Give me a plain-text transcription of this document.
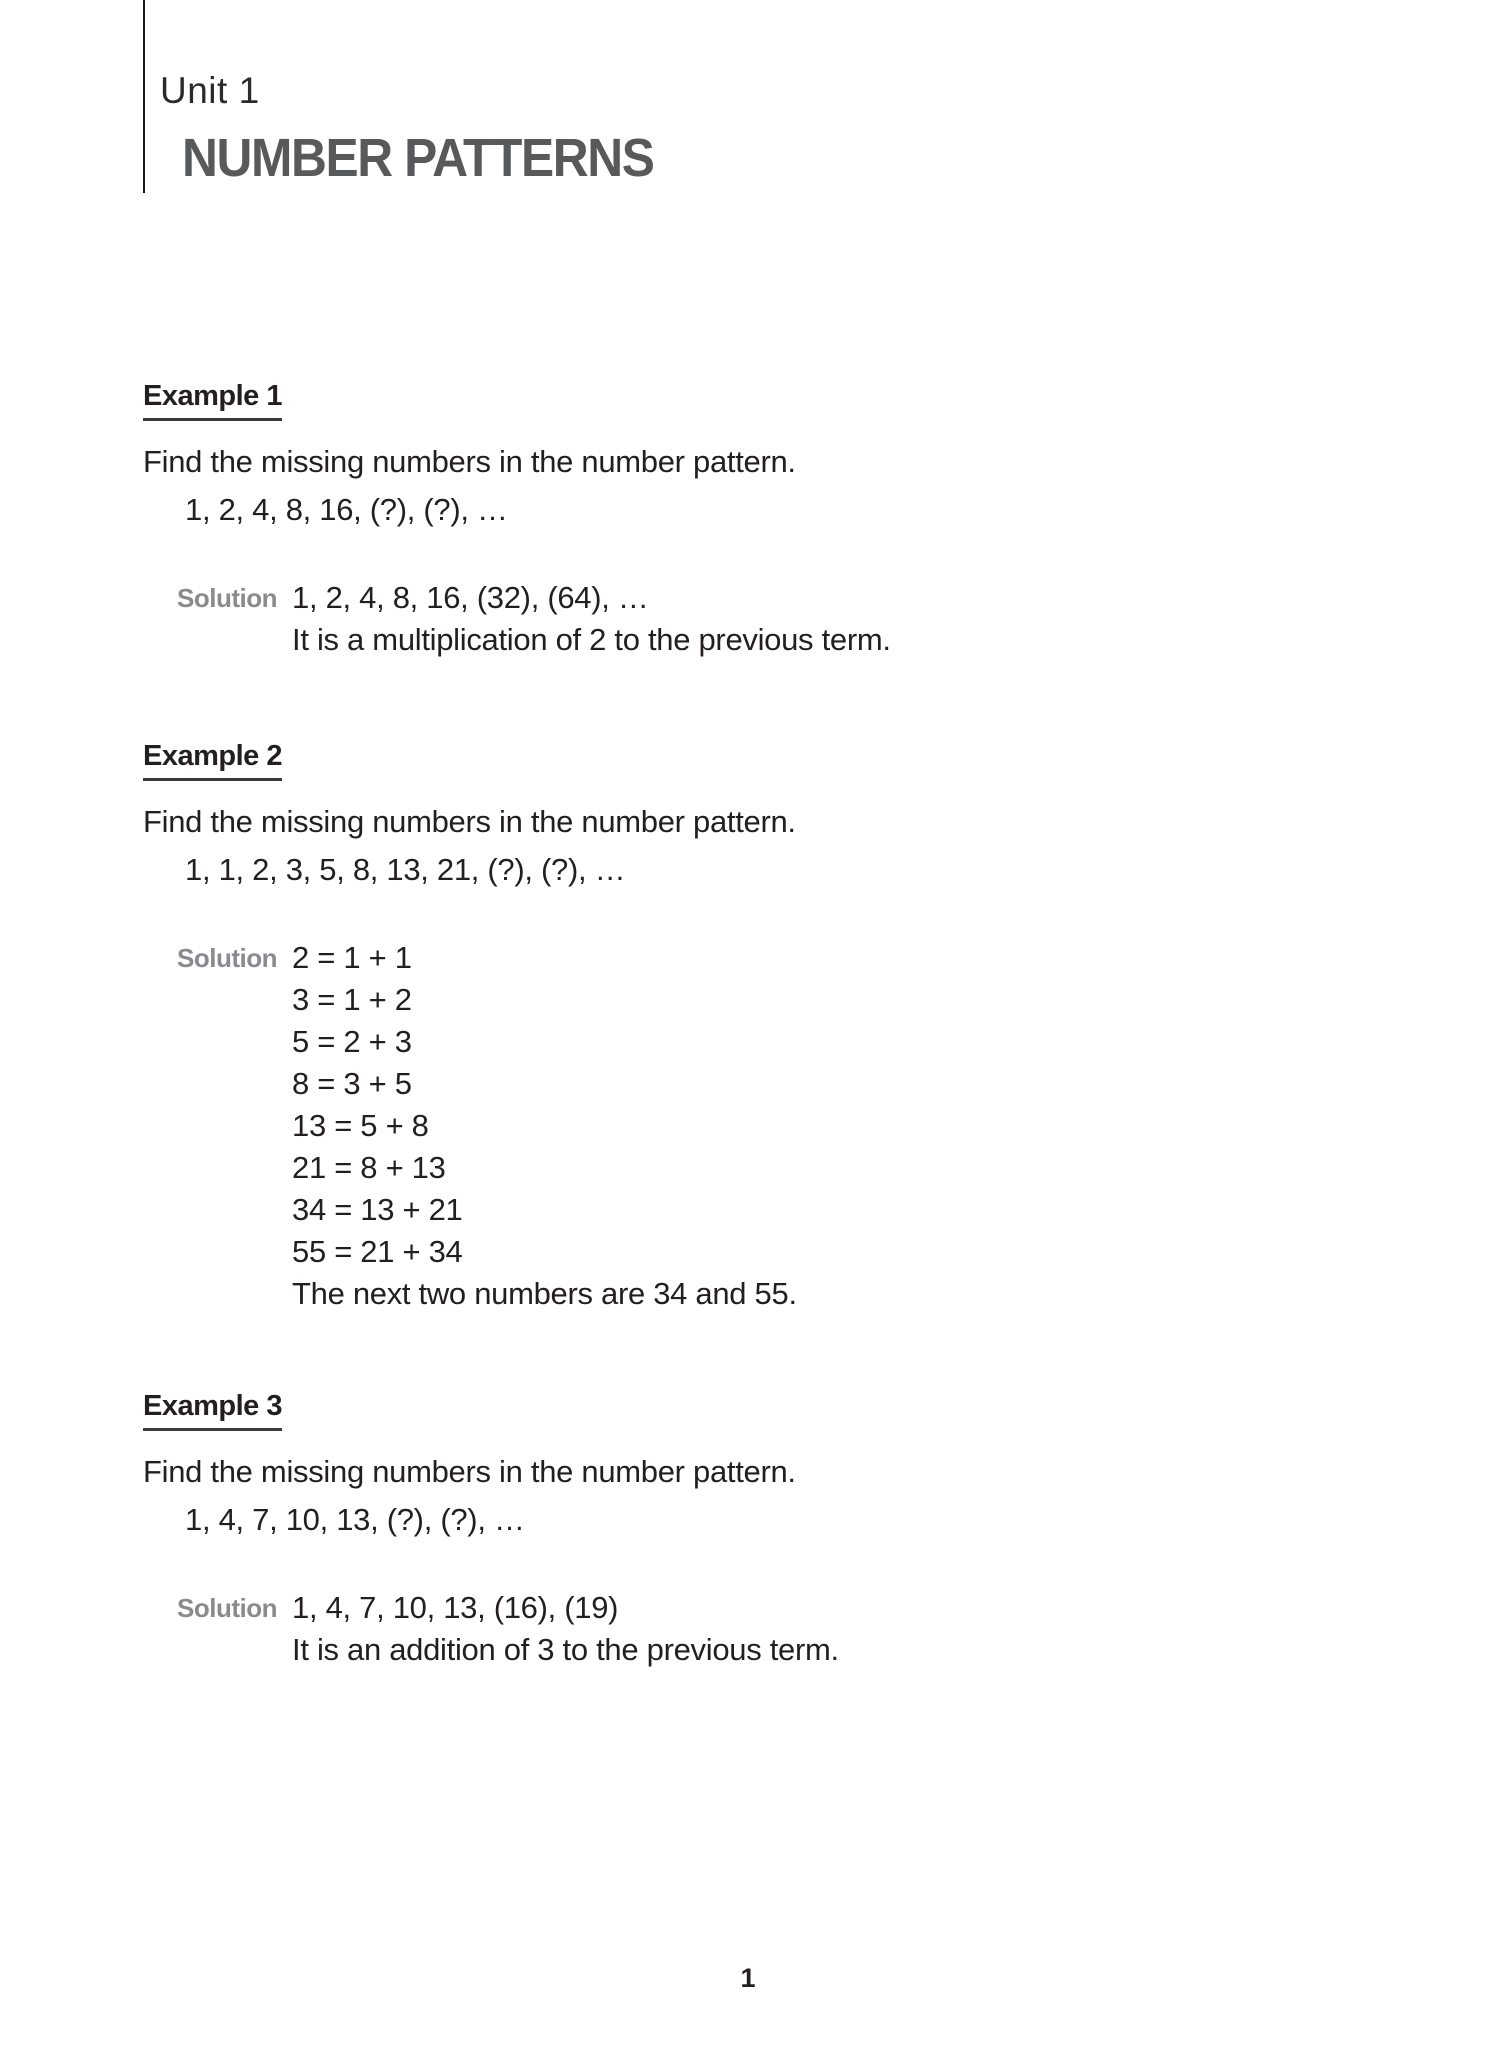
Unit 1
NUMBER PATTERNS
Example 1

Find the missing numbers in the number pattern.

1, 2, 4, 8, 16, (?), (?), …

Solution 1, 2, 4, 8, 16, (32), (64), …

It is a multiplication of 2 to the previous term.

Example 2

Find the missing numbers in the number pattern.

1, 1, 2, 3, 5, 8, 13, 21, (?), (?), …

Solution 2 = 1 + 1

3 = 1 + 2

5 = 2 + 3

8 = 3 + 5

13 = 5 + 8

21 = 8 + 13

34 = 13 + 21

55 = 21 + 34

The next two numbers are 34 and 55.

Example 3

Find the missing numbers in the number pattern.

1, 4, 7, 10, 13, (?), (?), …

Solution 1, 4, 7, 10, 13, (16), (19)

It is an addition of 3 to the previous term.

1
